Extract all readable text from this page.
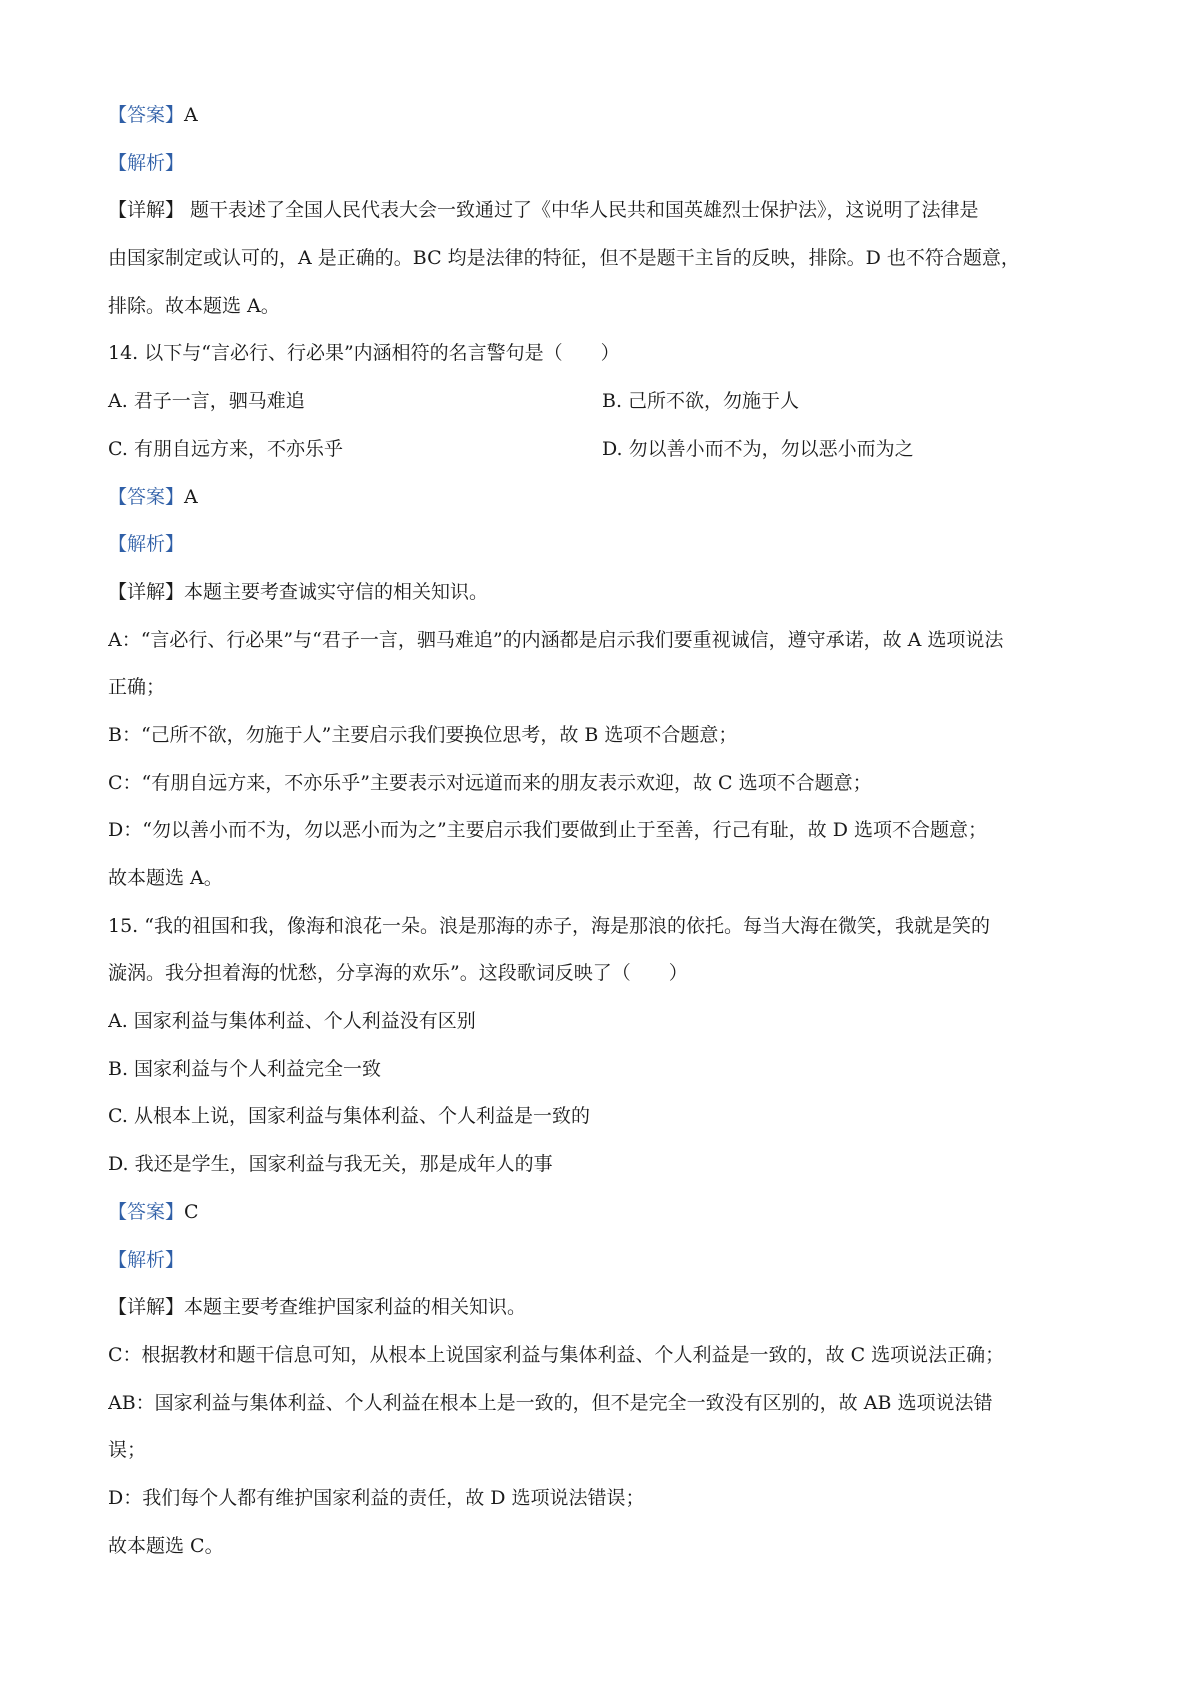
【答案】A
【解析】
【详解】 题干表述了全国人民代表大会一致通过了《中华人民共和国英雄烈士保护法》，这说明了法律是
由国家制定或认可的，A 是正确的。BC 均是法律的特征，但不是题干主旨的反映，排除。D 也不符合题意，
排除。故本题选 A。
14. 以下与“言必行、行必果”内涵相符的名言警句是（　　）
A. 君子一言，驷马难追	B. 己所不欲，勿施于人
C. 有朋自远方来，不亦乐乎	D. 勿以善小而不为，勿以恶小而为之
【答案】A
【解析】
【详解】本题主要考查诚实守信的相关知识。
A：“言必行、行必果”与“君子一言，驷马难追”的内涵都是启示我们要重视诚信，遵守承诺，故 A 选项说法
正确；
B：“己所不欲，勿施于人”主要启示我们要换位思考，故 B 选项不合题意；
C：“有朋自远方来，不亦乐乎”主要表示对远道而来的朋友表示欢迎，故 C 选项不合题意；
D：“勿以善小而不为，勿以恶小而为之”主要启示我们要做到止于至善，行己有耻，故 D 选项不合题意；
故本题选 A。
15. “我的祖国和我，像海和浪花一朵。浪是那海的赤子，海是那浪的依托。每当大海在微笑，我就是笑的
漩涡。我分担着海的忧愁，分享海的欢乐”。这段歌词反映了（　　）
A. 国家利益与集体利益、个人利益没有区别
B. 国家利益与个人利益完全一致
C. 从根本上说，国家利益与集体利益、个人利益是一致的
D. 我还是学生，国家利益与我无关，那是成年人的事
【答案】C
【解析】
【详解】本题主要考查维护国家利益的相关知识。
C：根据教材和题干信息可知，从根本上说国家利益与集体利益、个人利益是一致的，故 C 选项说法正确；
AB：国家利益与集体利益、个人利益在根本上是一致的，但不是完全一致没有区别的，故 AB 选项说法错
误；
D：我们每个人都有维护国家利益的责任，故 D 选项说法错误；
故本题选 C。
